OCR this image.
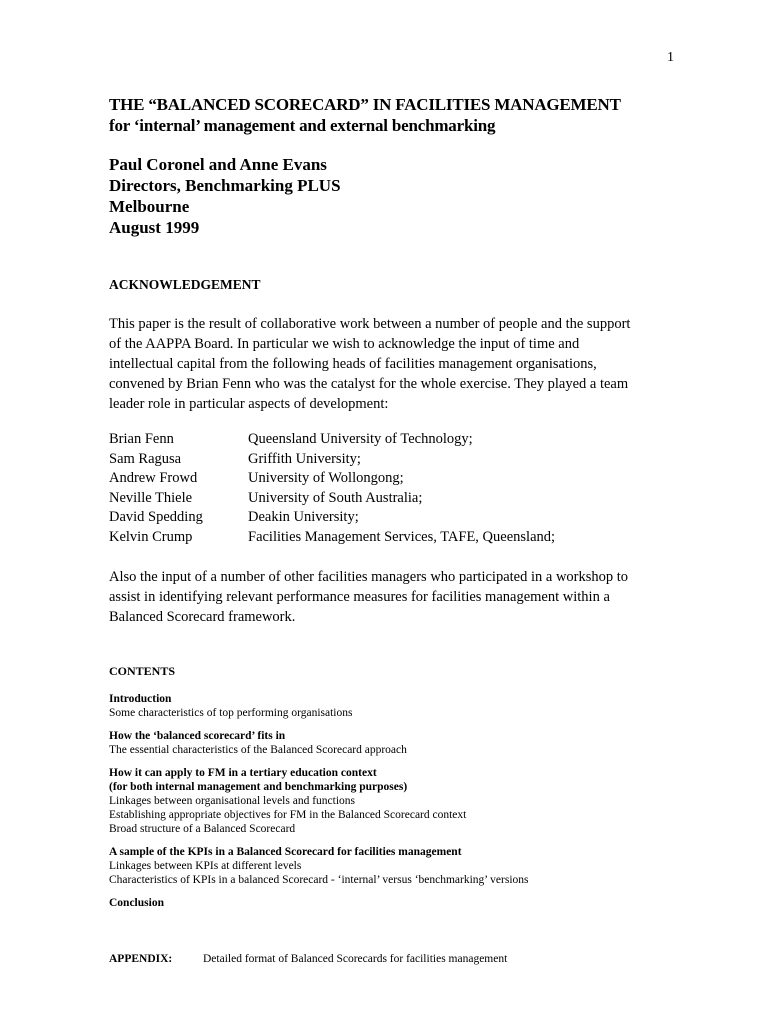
1
THE “BALANCED SCORECARD” IN FACILITIES MANAGEMENT
for ‘internal’ management and external benchmarking
Paul Coronel and Anne Evans
Directors, Benchmarking PLUS
Melbourne
August 1999
ACKNOWLEDGEMENT
This paper is the result of collaborative work between a number of people and the support
of the AAPPA Board. In particular we wish to acknowledge the input of time and
intellectual capital from the following heads of facilities management organisations,
convened by Brian Fenn who was the catalyst for the whole exercise. They played a team
leader role in particular aspects of development:
Brian Fenn	Queensland University of Technology;
Sam Ragusa	Griffith University;
Andrew Frowd	University of Wollongong;
Neville Thiele	University of South Australia;
David Spedding	Deakin University;
Kelvin Crump	Facilities Management Services, TAFE, Queensland;
Also the input of a number of other facilities managers who participated in a workshop to
assist in identifying relevant performance measures for facilities management within a
Balanced Scorecard framework.
CONTENTS
Introduction
Some characteristics of top performing organisations
How the ‘balanced scorecard’ fits in
The essential characteristics of the Balanced Scorecard approach
How it can apply to FM in a tertiary education context
(for both internal management and benchmarking purposes)
Linkages between organisational levels and functions
Establishing appropriate objectives for FM in the Balanced Scorecard context
Broad structure of a Balanced Scorecard
A sample of the KPIs in a Balanced Scorecard for facilities management
Linkages between KPIs at different levels
Characteristics of KPIs in a balanced Scorecard - ‘internal’ versus ‘benchmarking’ versions
Conclusion
APPENDIX:	Detailed format of Balanced Scorecards for facilities management
